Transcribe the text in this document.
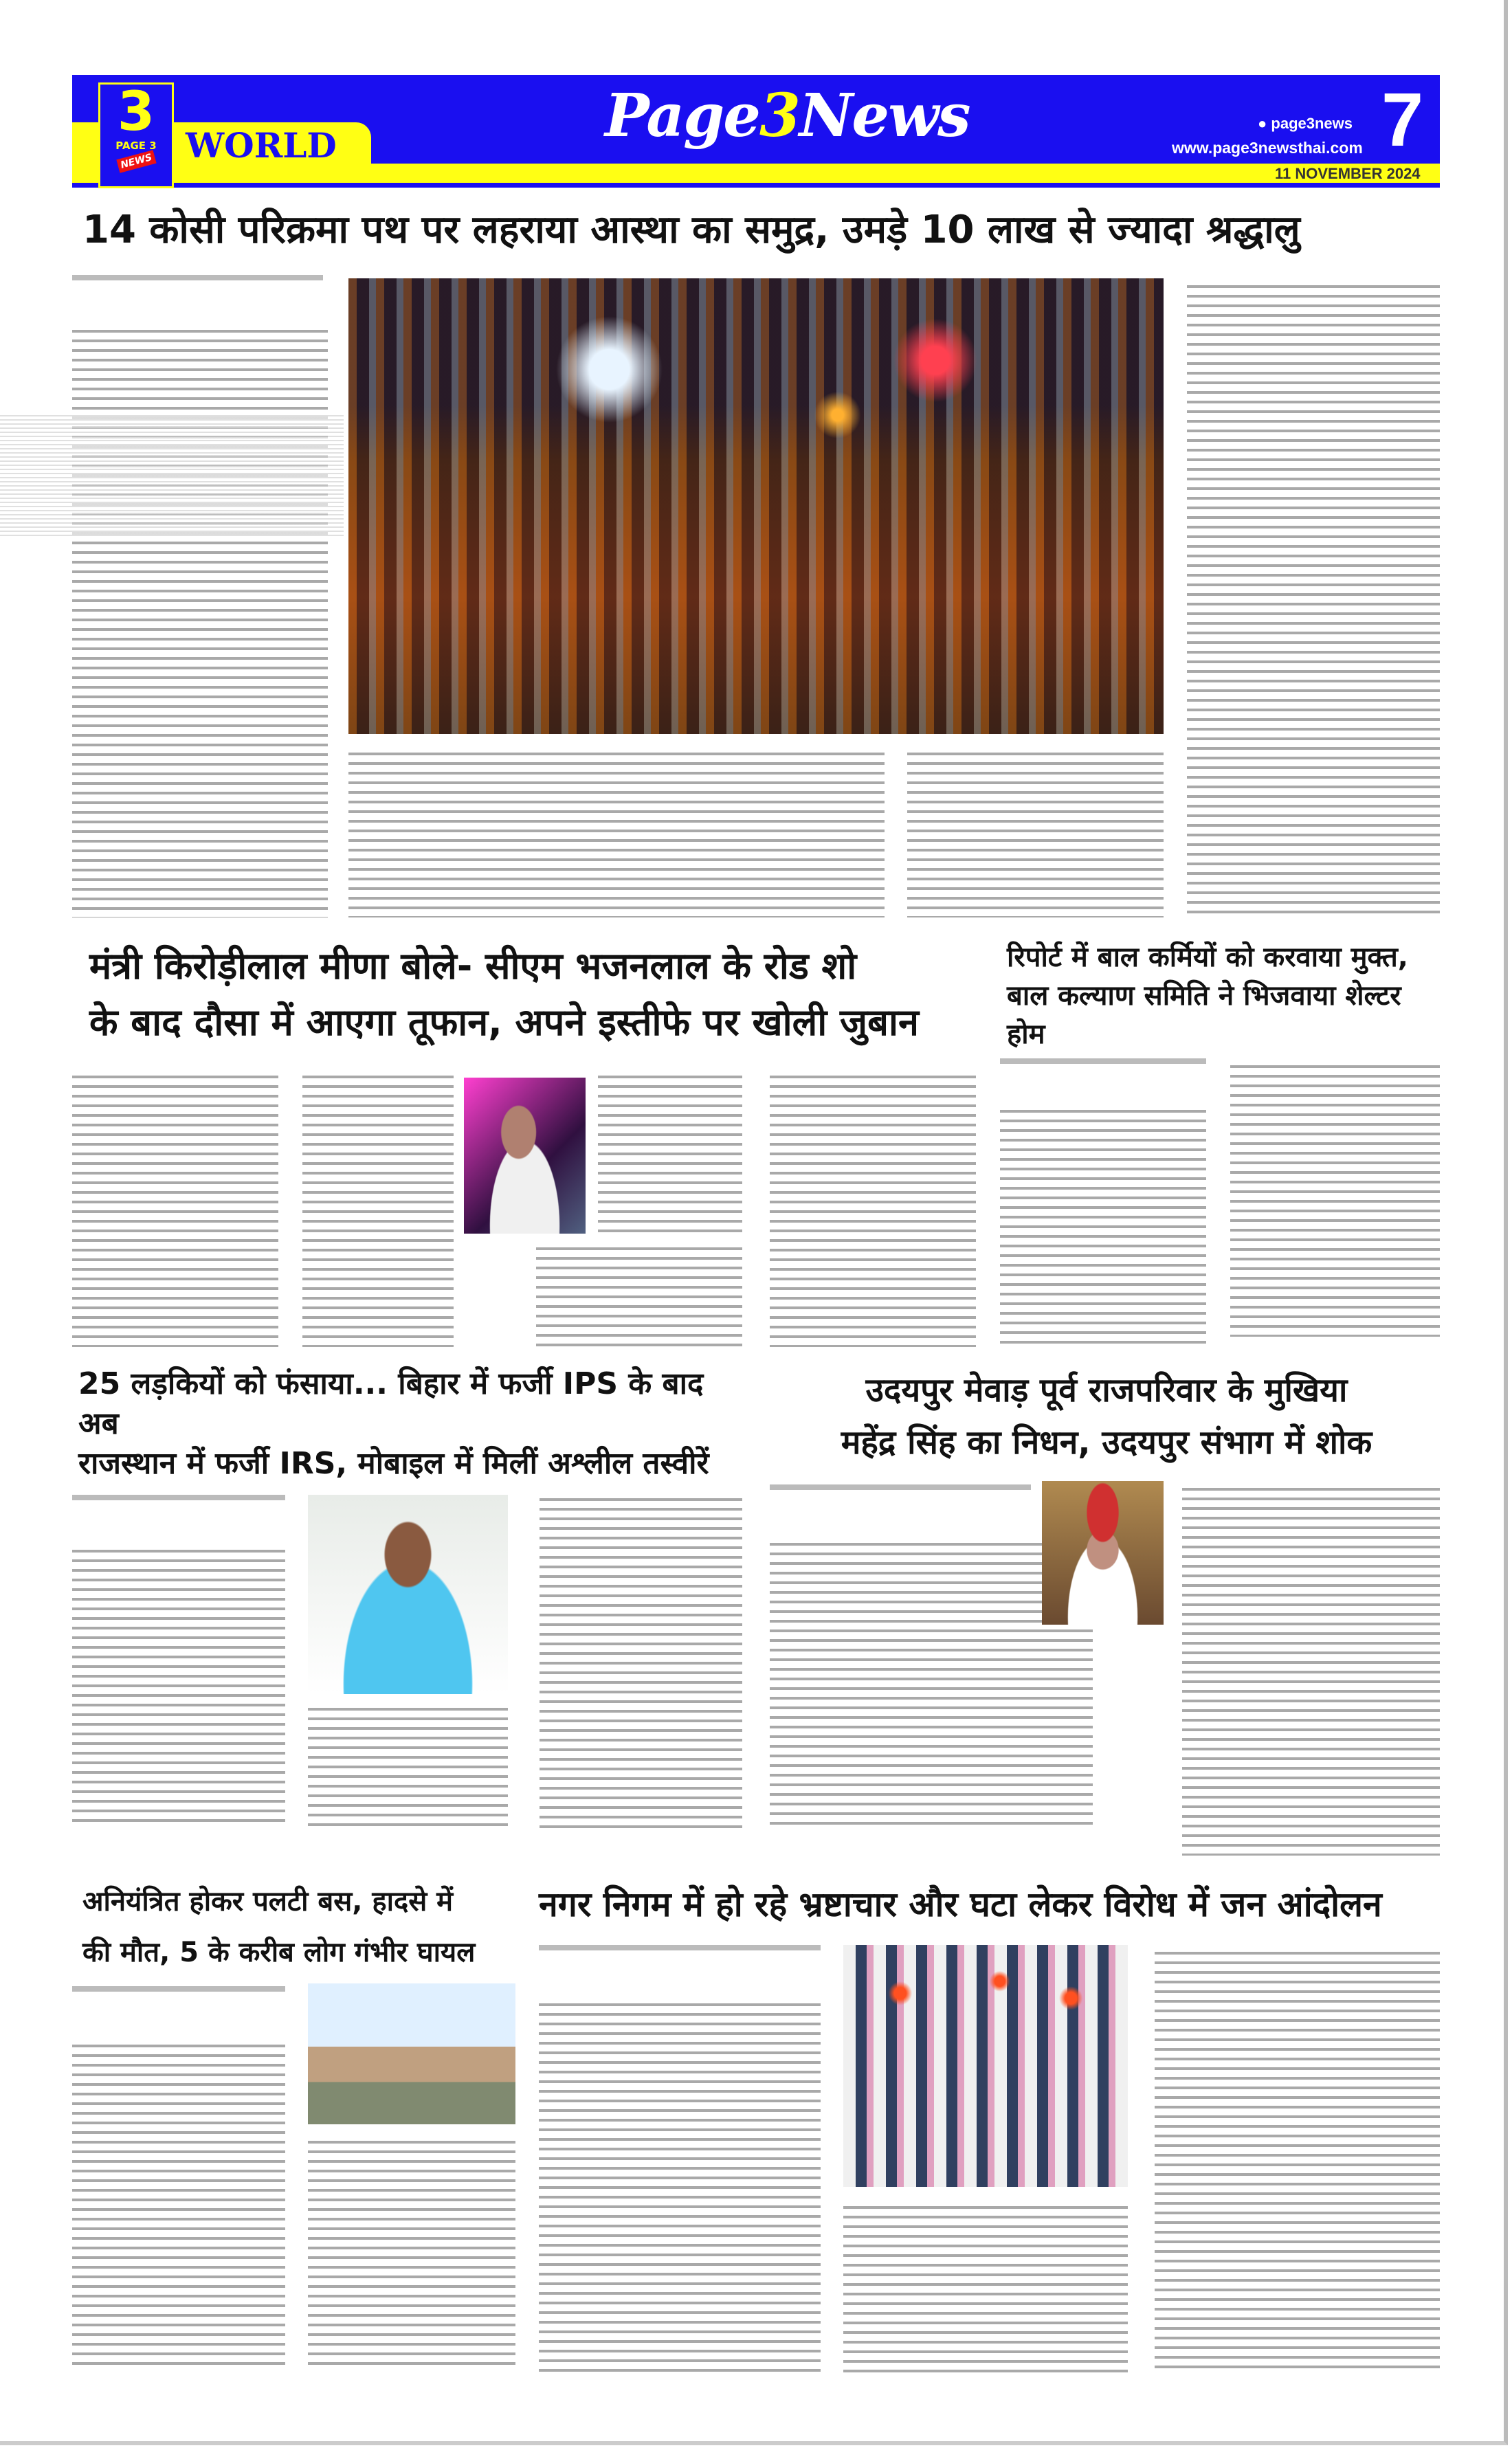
3
PAGE 3
NEWS WORLD	Page3News	● page3news
www.page3newsthai.com 7
11 NOVEMBER 2024
14 कोसी परिक्रमा पथ पर लहराया आस्था का समुद्र, उमड़े 10 लाख से ज्यादा श्रद्धालु
मंत्री किरोड़ीलाल मीणा बोले- सीएम भजनलाल के रोड शो
के बाद दौसा में आएगा तूफान, अपने इस्तीफे पर खोली जुबान
रिपोर्ट में बाल कर्मियों को करवाया मुक्त,
बाल कल्याण समिति ने भिजवाया शेल्टर होम
25 लड़कियों को फंसाया... बिहार में फर्जी IPS के बाद अब
राजस्थान में फर्जी IRS, मोबाइल में मिलीं अश्लील तस्वीरें
उदयपुर मेवाड़ पूर्व राजपरिवार के मुखिया
महेंद्र सिंह का निधन, उदयपुर संभाग में शोक
अनियंत्रित होकर पलटी बस, हादसे में
की मौत, 5 के करीब लोग गंभीर घायल
नगर निगम में हो रहे भ्रष्टाचार और घटा लेकर विरोध में जन आंदोलन
